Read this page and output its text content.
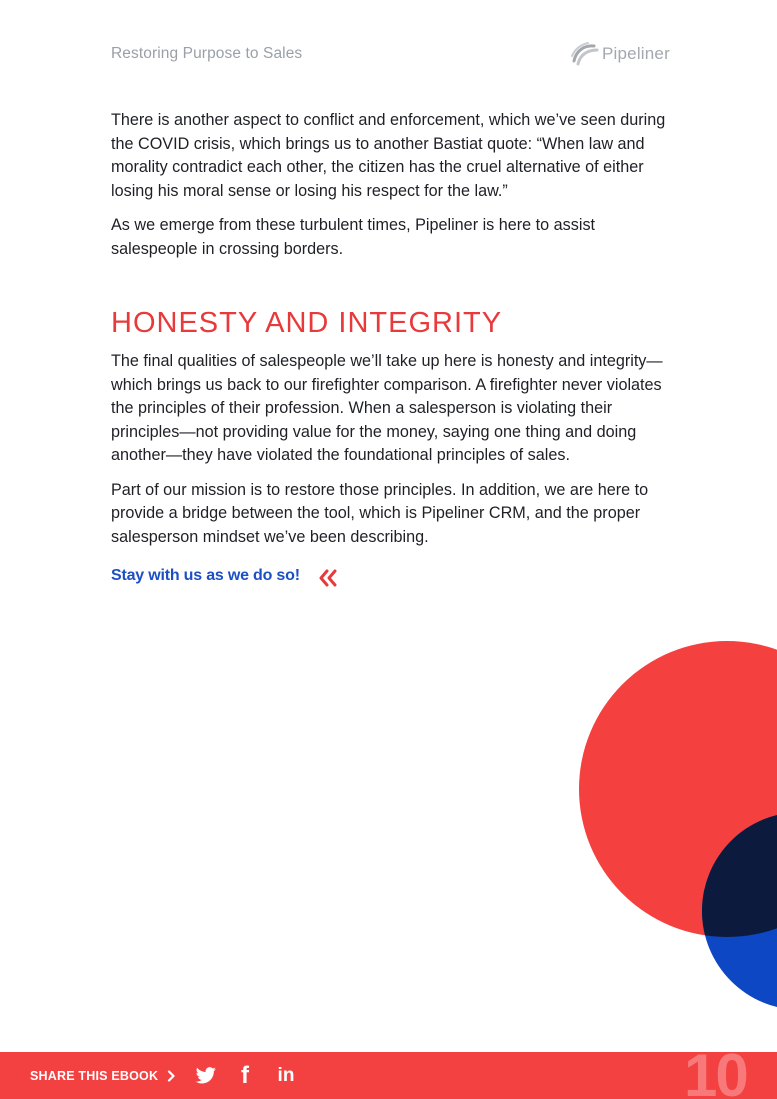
Restoring Purpose to Sales	Pipeliner

There is another aspect to conflict and enforcement, which we’ve seen during the COVID crisis, which brings us to another Bastiat quote: “When law and morality contradict each other, the citizen has the cruel alternative of either losing his moral sense or losing his respect for the law.”

As we emerge from these turbulent times, Pipeliner is here to assist salespeople in crossing borders.

HONESTY AND INTEGRITY

The final qualities of salespeople we’ll take up here is honesty and integrity—which brings us back to our firefighter comparison. A firefighter never violates the principles of their profession. When a salesperson is violating their principles—not providing value for the money, saying one thing and doing another—they have violated the foundational principles of sales.

Part of our mission is to restore those principles. In addition, we are here to provide a bridge between the tool, which is Pipeliner CRM, and the proper salesperson mindset we’ve been describing.

Stay with us as we do so!
SHARE THIS EBOOK	f in	10
